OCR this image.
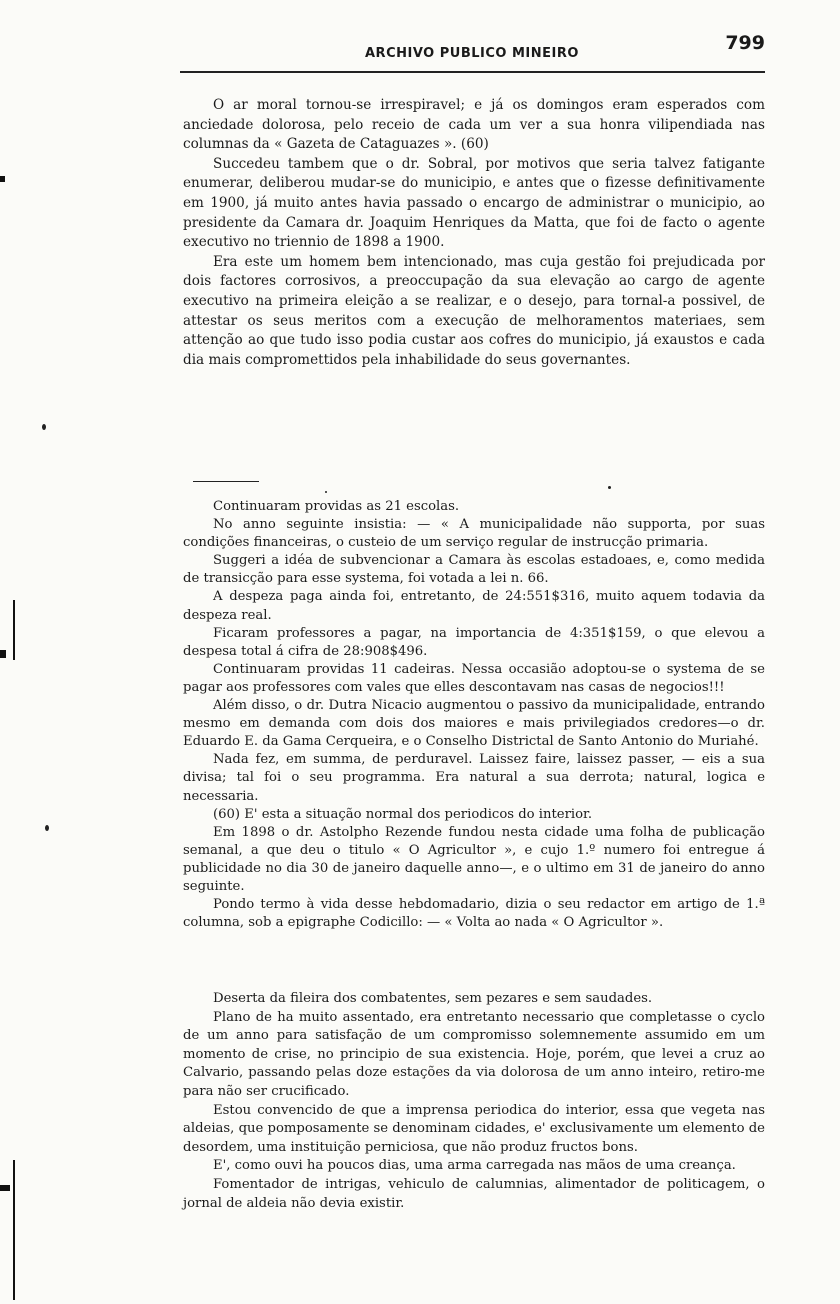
ARCHIVO PUBLICO MINEIRO	799

O ar moral tornou-se irrespiravel; e já os domingos eram esperados com anciedade dolorosa, pelo receio de cada um ver a sua honra vilipendiada nas columnas da « Gazeta de Cataguazes ». (60)

Succedeu tambem que o dr. Sobral, por motivos que seria talvez fatigante enumerar, deliberou mudar-se do municipio, e antes que o fizesse definitivamente em 1900, já muito antes havia passado o encargo de administrar o municipio, ao presidente da Camara dr. Joaquim Henriques da Matta, que foi de facto o agente executivo no triennio de 1898 a 1900.

Era este um homem bem intencionado, mas cuja gestão foi prejudicada por dois factores corrosivos, a preoccupação da sua elevação ao cargo de agente executivo na primeira eleição a se realizar, e o desejo, para tornal-a possivel, de attestar os seus meritos com a execução de melhoramentos materiaes, sem attenção ao que tudo isso podia custar aos cofres do municipio, já exaustos e cada dia mais compromettidos pela inhabilidade do seus governantes.

Continuaram providas as 21 escolas.

No anno seguinte insistia: — « A municipalidade não supporta, por suas condições financeiras, o custeio de um serviço regular de instrucção primaria.

Suggeri a idéa de subvencionar a Camara às escolas estadoaes, e, como medida de transicção para esse systema, foi votada a lei n. 66.

A despeza paga ainda foi, entretanto, de 24:551$316, muito aquem todavia da despeza real.

Ficaram professores a pagar, na importancia de 4:351$159, o que elevou a despesa total á cifra de 28:908$496.

Continuaram providas 11 cadeiras. Nessa occasião adoptou-se o systema de se pagar aos professores com vales que elles descontavam nas casas de negocios!!!

Além disso, o dr. Dutra Nicacio augmentou o passivo da municipalidade, entrando mesmo em demanda com dois dos maiores e mais privilegiados credores—o dr. Eduardo E. da Gama Cerqueira, e o Conselho Districtal de Santo Antonio do Muriahé.

Nada fez, em summa, de perduravel. Laissez faire, laissez passer, — eis a sua divisa; tal foi o seu programma. Era natural a sua derrota; natural, logica e necessaria.

(60) E' esta a situação normal dos periodicos do interior.

Em 1898 o dr. Astolpho Rezende fundou nesta cidade uma folha de publicação semanal, a que deu o titulo « O Agricultor », e cujo 1.º numero foi entregue á publicidade no dia 30 de janeiro daquelle anno—, e o ultimo em 31 de janeiro do anno seguinte.

Pondo termo à vida desse hebdomadario, dizia o seu redactor em artigo de 1.ª columna, sob a epigraphe Codicillo: — « Volta ao nada « O Agricultor ».

Deserta da fileira dos combatentes, sem pezares e sem saudades.

Plano de ha muito assentado, era entretanto necessario que completasse o cyclo de um anno para satisfação de um compromisso solemnemente assumido em um momento de crise, no principio de sua existencia. Hoje, porém, que levei a cruz ao Calvario, passando pelas doze estações da via dolorosa de um anno inteiro, retiro-me para não ser crucificado.

Estou convencido de que a imprensa periodica do interior, essa que vegeta nas aldeias, que pomposamente se denominam cidades, e' exclusivamente um elemento de desordem, uma instituição perniciosa, que não produz fructos bons.

E', como ouvi ha poucos dias, uma arma carregada nas mãos de uma creança.

Fomentador de intrigas, vehiculo de calumnias, alimentador de politicagem, o jornal de aldeia não devia existir.
